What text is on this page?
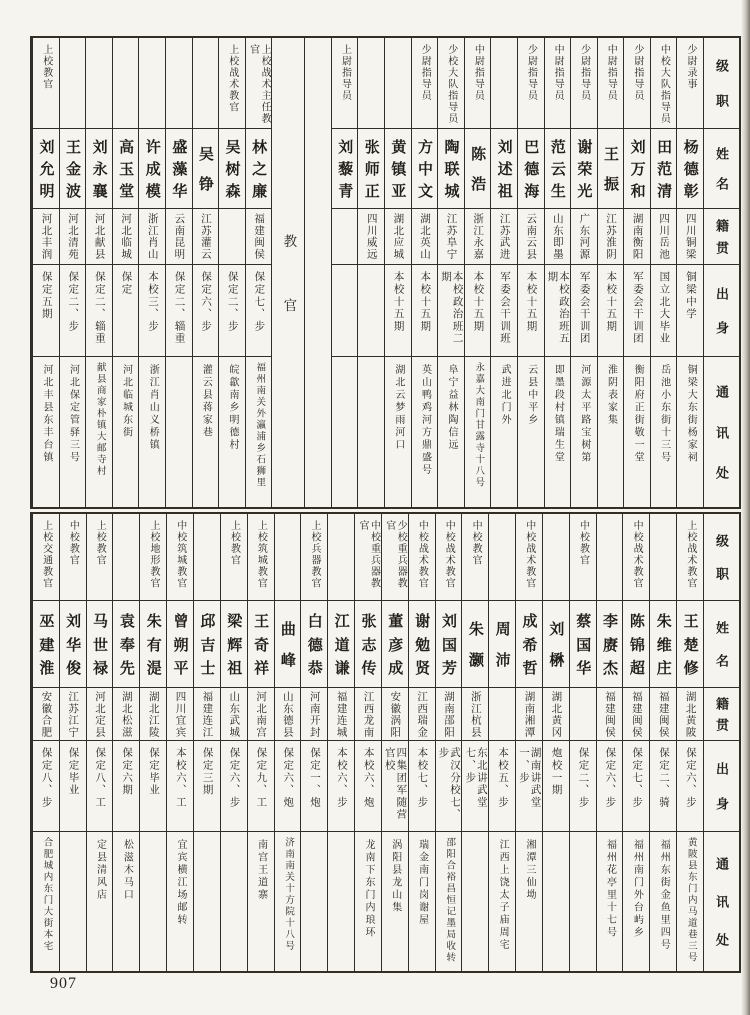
级
职
姓
名
籍
贯
出
身
通
讯
处
少尉录事
杨
德
彰
四川铜梁
铜梁中学
铜梁大东街杨家祠
中校大队指导员
田
范
清
四川岳池
国立北大毕业
岳池小东街十三号
少尉指导员
刘
万
和
湖南衡阳
军委会干训团
衡阳府正街敬一堂
中尉指导员
王
振
江苏淮阴
本校十五期
淮阴表家集
少尉指导员
谢
荣
光
广东河源
军委会干训团
河源太平路宝树第
中尉指导员
范
云
生
山东即墨
本校政治班五期
即墨段村镇瑞生堂
少尉指导员
巴
德
海
云南云县
本校十五期
云县中平乡
刘
述
祖
江苏武进
军委会干训班
武进北门外
中尉指导员
陈
浩
浙江永嘉
本校十五期
永嘉大南门甘露寺十八号
少校大队指导员
陶
联
城
江苏阜宁
本校政治班二期
阜宁益林陶信远
少尉指导员
方
中
文
湖北英山
本校十五期
英山鸭鸡河方鼎盛号
黄
镇
亚
湖北应城
本校十五期
湖北云梦雨河口
张
师
正
四川威远
上尉指导员
刘
藜
青
教
官
上校战术主任教官
林
之
廉
福建闽侯
保定七、步
福州南关外瀛浦乡石狮里
上校战术教官
吴
树
森
保定二、步
皖歙南乡明德村
吴
铮
江苏灌云
保定六、步
灌云县蒋家巷
盛
藻
华
云南昆明
保定二、辎重
许
成
模
浙江肖山
本校三、步
浙江肖山义桥镇
高
玉
堂
河北临城
保定
河北临城东街
刘
永
襄
河北献县
保定二、辎重
献县商家朴镇大邮寺村
王
金
波
河北清苑
保定二、步
河北保定管驿三号
上校教官
刘
允
明
河北丰润
保定五期
河北丰县东丰台镇
级
职
姓
名
籍
贯
出
身
通
讯
处
上校战术教官
王
楚
修
湖北黄陂
保定六、步
黄陂县东门内马道巷三号
朱
维
庄
福建闽侯
保定二、骑
福州东街金鱼里四号
中校战术教官
陈
锦
超
福建闽侯
保定七、步
福州南门外台屿乡
李
赓
杰
福建闽侯
保定六、步
福州花亭里十七号
中校教官
蔡
国
华
保定二、步
刘
楙
湖北黄冈
炮校一期
中校战术教官
成
希
哲
湖南湘潭
湖南讲武堂一、步
湘潭三仙坳
周
沛
本校五、步
江西上饶太子庙周宅
中校教官
朱
灏
浙江杭县
东北讲武堂七、步
中校战术教官
刘
国
芳
湖南邵阳
武汉分校七、步
邵阳合裕昌恒记墨局收转
中校战术教官
谢
勉
贤
江西瑞金
本校七、步
瑞金南门岗谢屋
少校重兵器教官
董
彦
成
安徽涡阳
四集团军随营官校
涡阳县龙山集
中校重兵器教官
张
志
传
江西龙南
本校六、炮
龙南下东门内琅环
江
道
谦
福建连城
本校六、步
上校兵器教官
白
德
恭
河南开封
保定一、炮
曲
峰
山东德县
保定六、炮
济南南关十方院十八号
上校筑城教官
王
奇
祥
河北南宫
保定九、工
南宫王道寨
上校教官
梁
辉
祖
山东武城
保定六、步
邱
吉
士
福建连江
保定三期
中校筑城教官
曾
朔
平
四川宜宾
本校六、工
宜宾横江场邮转
上校地形教官
朱
有
湜
湖北江陵
保定毕业
袁
奉
先
湖北松滋
保定六期
松滋木马口
上校教官
马
世
禄
河北定县
保定八、工
定县清风店
中校教官
刘
华
俊
江苏江宁
保定毕业
上校交通教官
巫
建
淮
安徽合肥
保定八、步
合肥城内东门大街本宅
907
